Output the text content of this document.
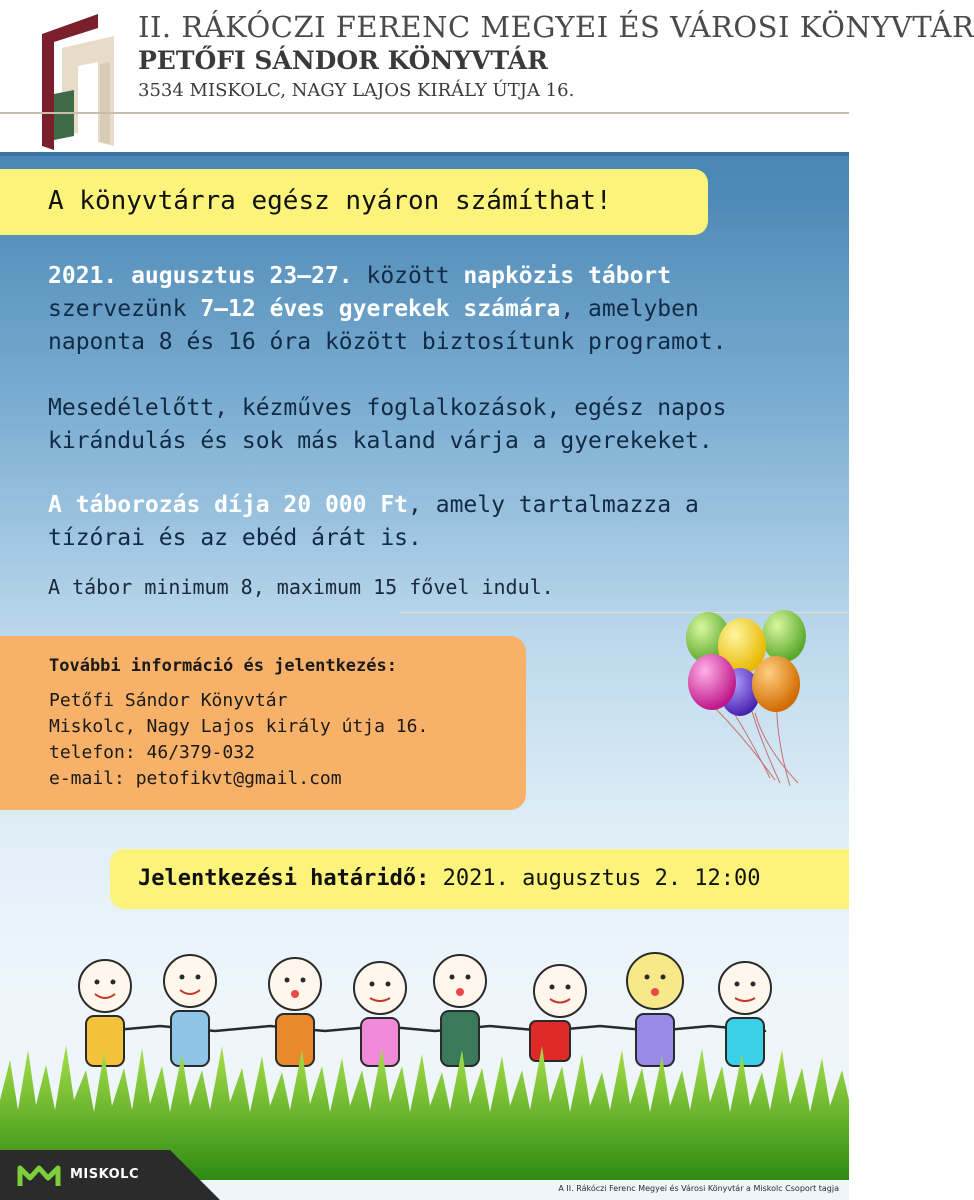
II. RÁKÓCZI FERENC MEGYEI ÉS VÁROSI KÖNYVTÁR
PETŐFI SÁNDOR KÖNYVTÁR
3534 MISKOLC, NAGY LAJOS KIRÁLY ÚTJA 16.
A könyvtárra egész nyáron számíthat!
2021. augusztus 23–27. között napközis tábort
szervezünk 7–12 éves gyerekek számára, amelyben
naponta 8 és 16 óra között biztosítunk programot.
Mesedélelőtt, kézműves foglalkozások, egész napos
kirándulás és sok más kaland várja a gyerekeket.
A táborozás díja 20 000 Ft, amely tartalmazza a
tízórai és az ebéd árát is.
A tábor minimum 8, maximum 15 fővel indul.
További információ és jelentkezés:
Petőfi Sándor Könyvtár
Miskolc, Nagy Lajos király útja 16.
telefon: 46/379-032
e-mail: petofikvt@gmail.com
Jelentkezési határidő: 2021. augusztus 2. 12:00
MISKOLC
A II. Rákóczi Ferenc Megyei és Városi Könyvtár a Miskolc Csoport tagja
